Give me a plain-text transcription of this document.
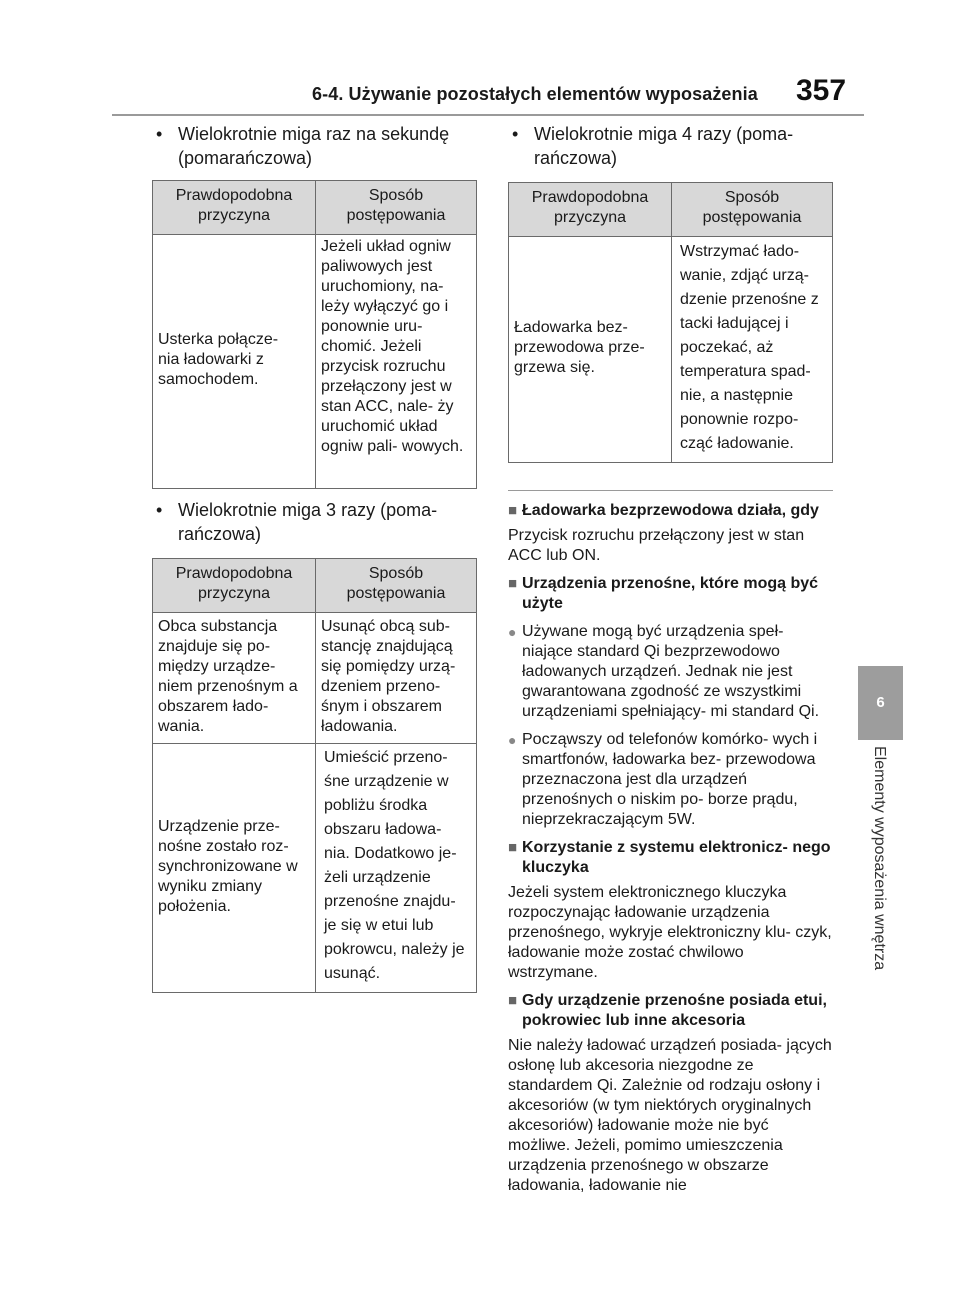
6-4. Używanie pozostałych elementów wyposażenia 357
6
Elementy wyposażenia wnętrza
• Wielokrotnie miga raz na sekundę (pomarańczowa)
Prawdopodobna przyczyna	Sposób postępowania
Usterka połącze- nia ładowarki z samochodem.	Jeżeli układ ogniw paliwowych jest uruchomiony, na- leży wyłączyć go i ponownie uru- chomić. Jeżeli przycisk rozruchu przełączony jest w stan ACC, nale- ży uruchomić układ ogniw pali- wowych.
• Wielokrotnie miga 3 razy (poma- rańczowa)
Prawdopodobna przyczyna	Sposób postępowania
Obca substancja znajduje się po- między urządze- niem przenośnym a obszarem łado- wania.	Usunąć obcą sub- stancję znajdującą się pomiędzy urzą- dzeniem przeno- śnym i obszarem ładowania.
Urządzenie prze- nośne zostało roz- synchronizowane w wyniku zmiany położenia.	Umieścić przeno- śne urządzenie w pobliżu środka obszaru ładowa- nia. Dodatkowo je- żeli urządzenie przenośne znajdu- je się w etui lub pokrowcu, należy je usunąć.
• Wielokrotnie miga 4 razy (poma- rańczowa)
Prawdopodobna przyczyna	Sposób postępowania
Ładowarka bez- przewodowa prze- grzewa się.	Wstrzymać łado- wanie, zdjąć urzą- dzenie przenośne z tacki ładującej i poczekać, aż temperatura spad- nie, a następnie ponownie rozpo- cząć ładowanie.
■ Ładowarka bezprzewodowa działa, gdy
Przycisk rozruchu przełączony jest w stan ACC lub ON.
■ Urządzenia przenośne, które mogą być użyte
● Używane mogą być urządzenia speł- niające standard Qi bezprzewodowo ładowanych urządzeń. Jednak nie jest gwarantowana zgodność ze wszystkimi urządzeniami spełniający- mi standard Qi.
● Począwszy od telefonów komórko- wych i smartfonów, ładowarka bez- przewodowa przeznaczona jest dla urządzeń przenośnych o niskim po- borze prądu, nieprzekraczającym 5W.
■ Korzystanie z systemu elektronicz- nego kluczyka
Jeżeli system elektronicznego kluczyka rozpoczynając ładowanie urządzenia przenośnego, wykryje elektroniczny klu- czyk, ładowanie może zostać chwilowo wstrzymane.
■ Gdy urządzenie przenośne posiada etui, pokrowiec lub inne akcesoria
Nie należy ładować urządzeń posiada- jących osłonę lub akcesoria niezgodne ze standardem Qi. Zależnie od rodzaju osłony i akcesoriów (w tym niektórych oryginalnych akcesoriów) ładowanie może nie być możliwe. Jeżeli, pomimo umieszczenia urządzenia przenośnego w obszarze ładowania, ładowanie nie
